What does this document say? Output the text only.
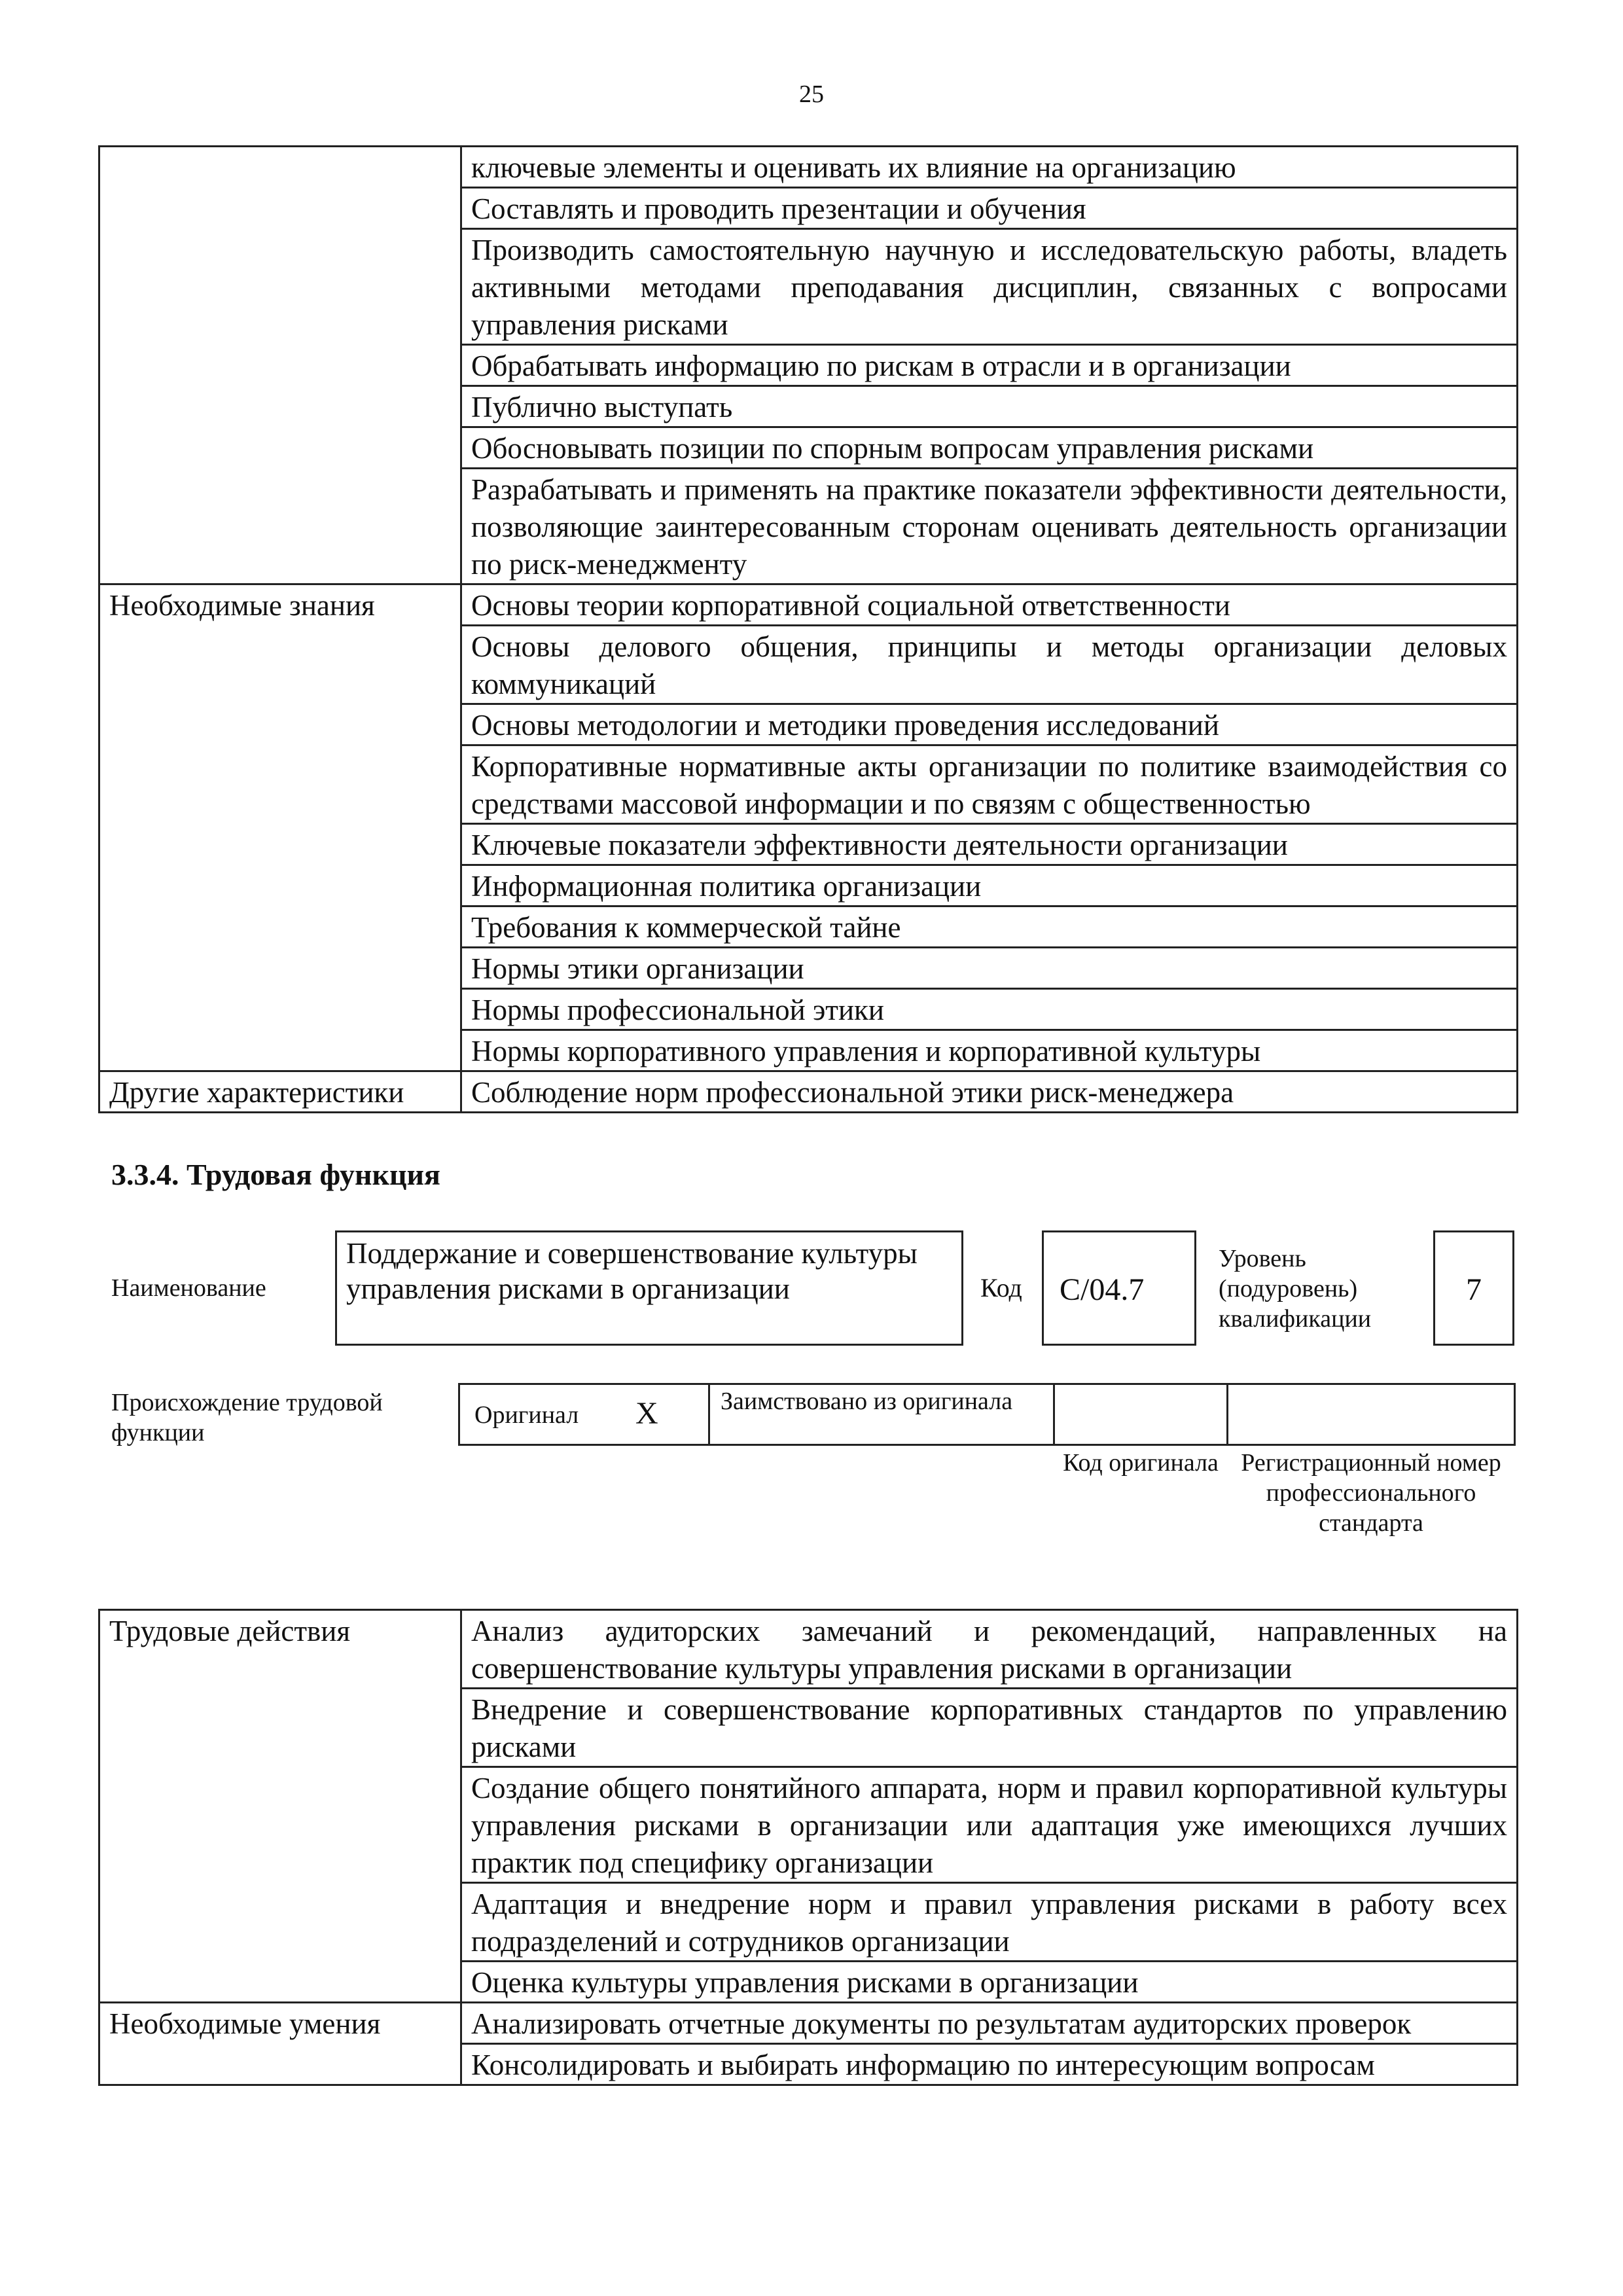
25
	ключевые элементы и оценивать их влияние на организацию
	Составлять и проводить презентации и обучения
	Производить самостоятельную научную и исследовательскую работы, владеть активными методами преподавания дисциплин, связанных с вопросами управления рисками
	Обрабатывать информацию по рискам в отрасли и в организации
	Публично выступать
	Обосновывать позиции по спорным вопросам управления рисками
	Разрабатывать и применять на практике показатели эффективности деятельности, позволяющие заинтересованным сторонам оценивать деятельность организации по риск-менеджменту
Необходимые знания	Основы теории корпоративной социальной ответственности
	Основы делового общения, принципы и методы организации деловых коммуникаций
	Основы методологии и методики проведения исследований
	Корпоративные нормативные акты организации по политике взаимодействия со средствами массовой информации и по связям с общественностью
	Ключевые показатели эффективности деятельности организации
	Информационная политика организации
	Требования к коммерческой тайне
	Нормы этики организации
	Нормы профессиональной этики
	Нормы корпоративного управления и корпоративной культуры
Другие характеристики	Соблюдение норм профессиональной этики риск-менеджера
3.3.4. Трудовая функция
Наименование
Поддержание и совершенствование культуры управления рисками в организации	Код	С/04.7
Уровень (подуровень) квалификации
7
Происхождение трудовой функции
Оригинал Х	Заимствовано из оригинала
Код оригинала Регистрационный номер профессионального стандарта
Трудовые действия	Анализ аудиторских замечаний и рекомендаций, направленных на совершенствование культуры управления рисками в организации
	Внедрение и совершенствование корпоративных стандартов по управлению рисками
	Создание общего понятийного аппарата, норм и правил корпоративной культуры управления рисками в организации или адаптация уже имеющихся лучших практик под специфику организации
	Адаптация и внедрение норм и правил управления рисками в работу всех подразделений и сотрудников организации
	Оценка культуры управления рисками в организации
Необходимые умения	Анализировать отчетные документы по результатам аудиторских проверок
	Консолидировать и выбирать информацию по интересующим вопросам
